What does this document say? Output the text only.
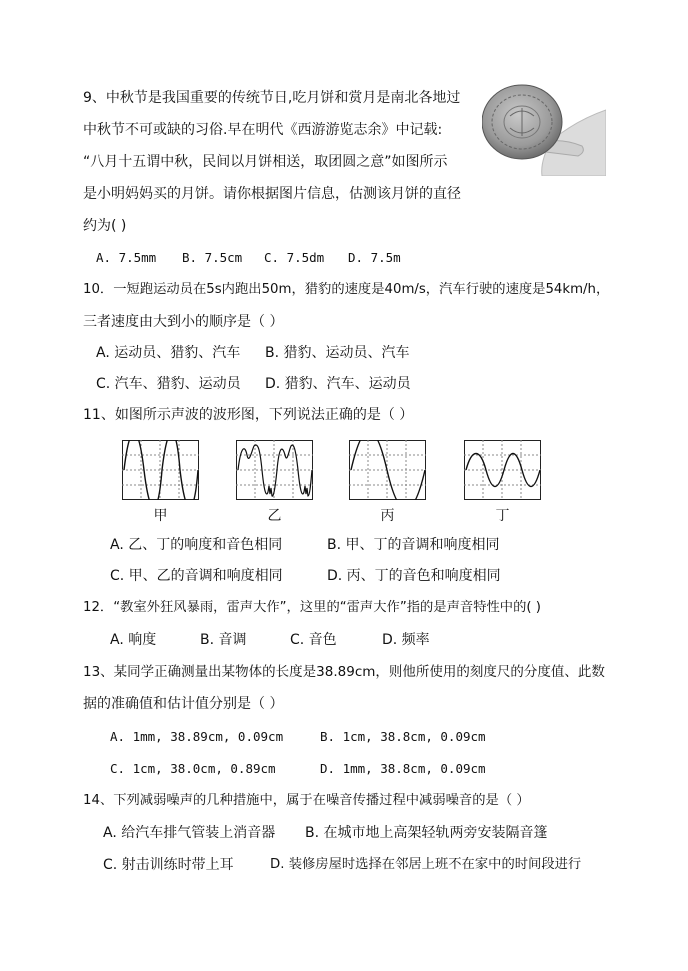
9、中秋节是我国重要的传统节日,吃月饼和赏月是南北各地过
中秋节不可或缺的习俗.早在明代《西游游览志余》中记载:
“八月十五谓中秋，民间以月饼相送，取团圆之意”如图所示
是小明妈妈买的月饼。请你根据图片信息，估测该月饼的直径
约为( )
A. 7.5mm B. 7.5cm C. 7.5dm D. 7.5m
10．一短跑运动员在5s内跑出50m，猎豹的速度是40m/s，汽车行驶的速度是54km/h，
三者速度由大到小的顺序是（ ）
A. 运动员、猎豹、汽车 B. 猎豹、运动员、汽车
C. 汽车、猎豹、运动员 D. 猎豹、汽车、运动员
11、如图所示声波的波形图，下列说法正确的是（ ）
甲	乙	丙	丁
A. 乙、丁的响度和音色相同	B. 甲、丁的音调和响度相同
C. 甲、乙的音调和响度相同	D. 丙、丁的音色和响度相同
12．“教室外狂风暴雨，雷声大作”，这里的“雷声大作”指的是声音特性中的( )
A. 响度	B. 音调	C. 音色	D. 频率
13、某同学正确测量出某物体的长度是38.89cm，则他所使用的刻度尺的分度值、此数
据的准确值和估计值分别是（ ）
A. 1mm, 38.89cm, 0.09cm	B. 1cm, 38.8cm, 0.09cm
C. 1cm, 38.0cm, 0.89cm	D. 1mm, 38.8cm, 0.09cm
14、下列减弱噪声的几种措施中，属于在噪音传播过程中减弱噪音的是（ ）
A. 给汽车排气管装上消音器 B. 在城市地上高架轻轨两旁安装隔音篷
C. 射击训练时带上耳	D. 装修房屋时选择在邻居上班不在家中的时间段进行
